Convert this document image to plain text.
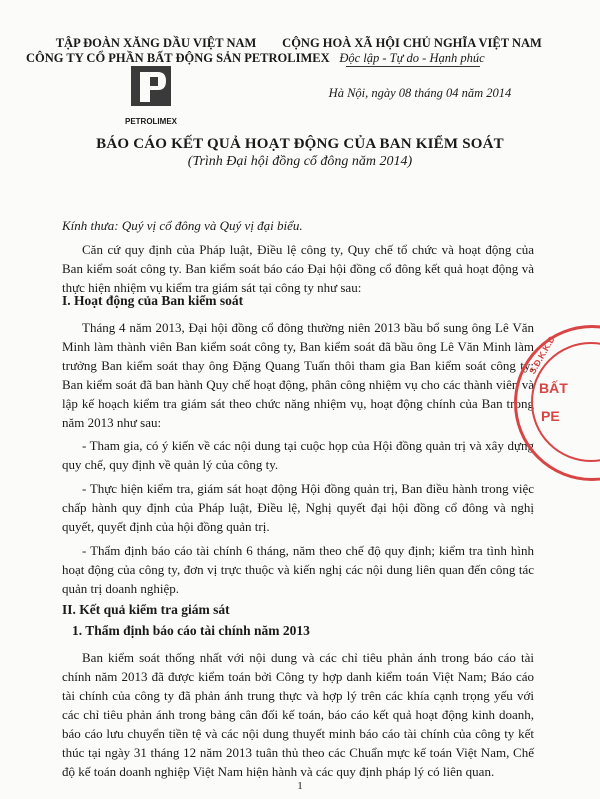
TẬP ĐOÀN XĂNG DẦU VIỆT NAM
CÔNG TY CỔ PHẦN BẤT ĐỘNG SẢN PETROLIMEX
PETROLIMEX
CỘNG HOÀ XÃ HỘI CHỦ NGHĨA VIỆT NAM
Độc lập - Tự do - Hạnh phúc
Hà Nội, ngày 08 tháng 04 năm 2014
BÁO CÁO KẾT QUẢ HOẠT ĐỘNG CỦA BAN KIỂM SOÁT
(Trình Đại hội đồng cổ đông năm 2014)
Kính thưa: Quý vị cổ đông và Quý vị đại biểu.
Căn cứ quy định của Pháp luật, Điều lệ công ty, Quy chế tổ chức và hoạt động của Ban kiểm soát công ty. Ban kiểm soát báo cáo Đại hội đồng cổ đông kết quả hoạt động và thực hiện nhiệm vụ kiểm tra giám sát tại công ty như sau:
I. Hoạt động của Ban kiểm soát
Tháng 4 năm 2013, Đại hội đồng cổ đông thường niên 2013 bầu bổ sung ông Lê Văn Minh làm thành viên Ban kiểm soát công ty, Ban kiểm soát đã bầu ông Lê Văn Minh làm trưởng Ban kiểm soát thay ông Đặng Quang Tuấn thôi tham gia Ban kiểm soát công ty; Ban kiểm soát đã ban hành Quy chế hoạt động, phân công nhiệm vụ cho các thành viên và lập kế hoạch kiểm tra giám sát theo chức năng nhiệm vụ, hoạt động chính của Ban trong năm 2013 như sau:
- Tham gia, có ý kiến về các nội dung tại cuộc họp của Hội đồng quản trị và xây dựng quy chế, quy định về quản lý của công ty.
- Thực hiện kiểm tra, giám sát hoạt động Hội đồng quản trị, Ban điều hành trong việc chấp hành quy định của Pháp luật, Điều lệ, Nghị quyết đại hội đồng cổ đông và nghị quyết, quyết định của hội đồng quản trị.
- Thẩm định báo cáo tài chính 6 tháng, năm theo chế độ quy định; kiểm tra tình hình hoạt động của công ty, đơn vị trực thuộc và kiến nghị các nội dung liên quan đến công tác quản trị doanh nghiệp.
II. Kết quả kiểm tra giám sát
1. Thẩm định báo cáo tài chính năm 2013
Ban kiểm soát thống nhất với nội dung và các chỉ tiêu phản ánh trong báo cáo tài chính năm 2013 đã được kiểm toán bởi Công ty hợp danh kiểm toán Việt Nam; Báo cáo tài chính của công ty đã phản ánh trung thực và hợp lý trên các khía cạnh trọng yếu với các chỉ tiêu phản ánh trong bảng cân đối kế toán, báo cáo kết quả hoạt động kinh doanh, báo cáo lưu chuyển tiền tệ và các nội dung thuyết minh báo cáo tài chính của công ty kết thúc tại ngày 31 tháng 12 năm 2013 tuân thủ theo các Chuẩn mực kế toán Việt Nam, Chế độ kế toán doanh nghiệp Việt Nam hiện hành và các quy định pháp lý có liên quan.
1
S.Đ.K.K.D
BẤT
PE
